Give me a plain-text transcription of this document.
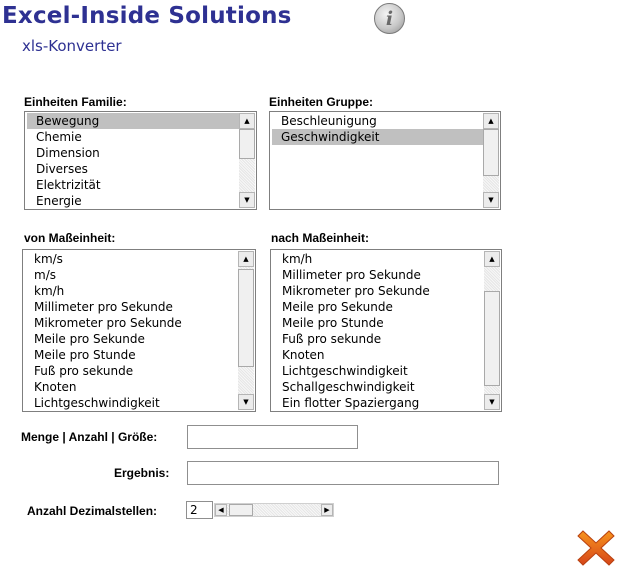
Excel-Inside Solutions
xls-Konverter
i
Einheiten Familie:
Bewegung
Chemie
Dimension
Diverses
Elektrizität
Energie
▲
▼
Einheiten Gruppe:
Beschleunigung
Geschwindigkeit
▲
▼
von Maßeinheit:
km/s
m/s
km/h
Millimeter pro Sekunde
Mikrometer pro Sekunde
Meile pro Sekunde
Meile pro Stunde
Fuß pro sekunde
Knoten
Lichtgeschwindigkeit
▲
▼
nach Maßeinheit:
km/h
Millimeter pro Sekunde
Mikrometer pro Sekunde
Meile pro Sekunde
Meile pro Stunde
Fuß pro sekunde
Knoten
Lichtgeschwindigkeit
Schallgeschwindigkeit
Ein flotter Spaziergang
▲
▼
Menge | Anzahl | Größe:
Ergebnis:
Anzahl Dezimalstellen:	2	◀	▶
